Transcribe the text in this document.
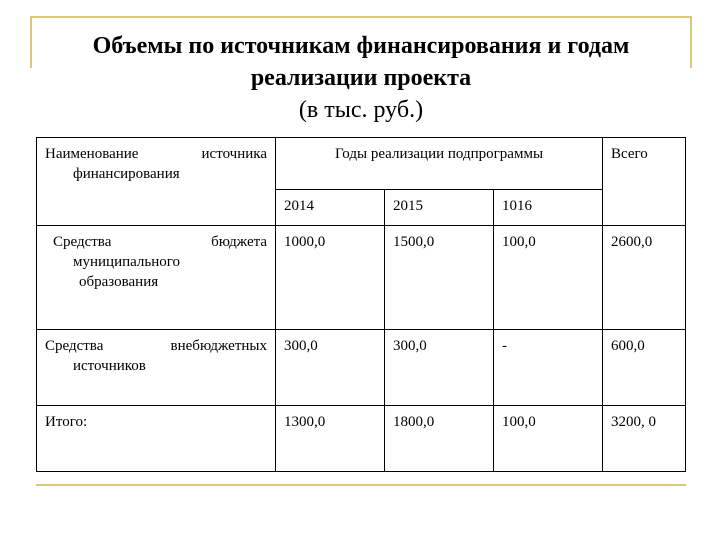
Объемы по источникам финансирования и годам
реализации проекта
(в тыс. руб.)
Наименование источника
финансирования	Годы реализации подпрограммы			Всего
	2014	2015	1016	

Средства бюджета
муниципального
образования	1000,0	1500,0	100,0	2600,0

Средства внебюджетных
источников	300,0	300,0	-	600,0
Итого:	1300,0	1800,0	100,0	3200, 0
